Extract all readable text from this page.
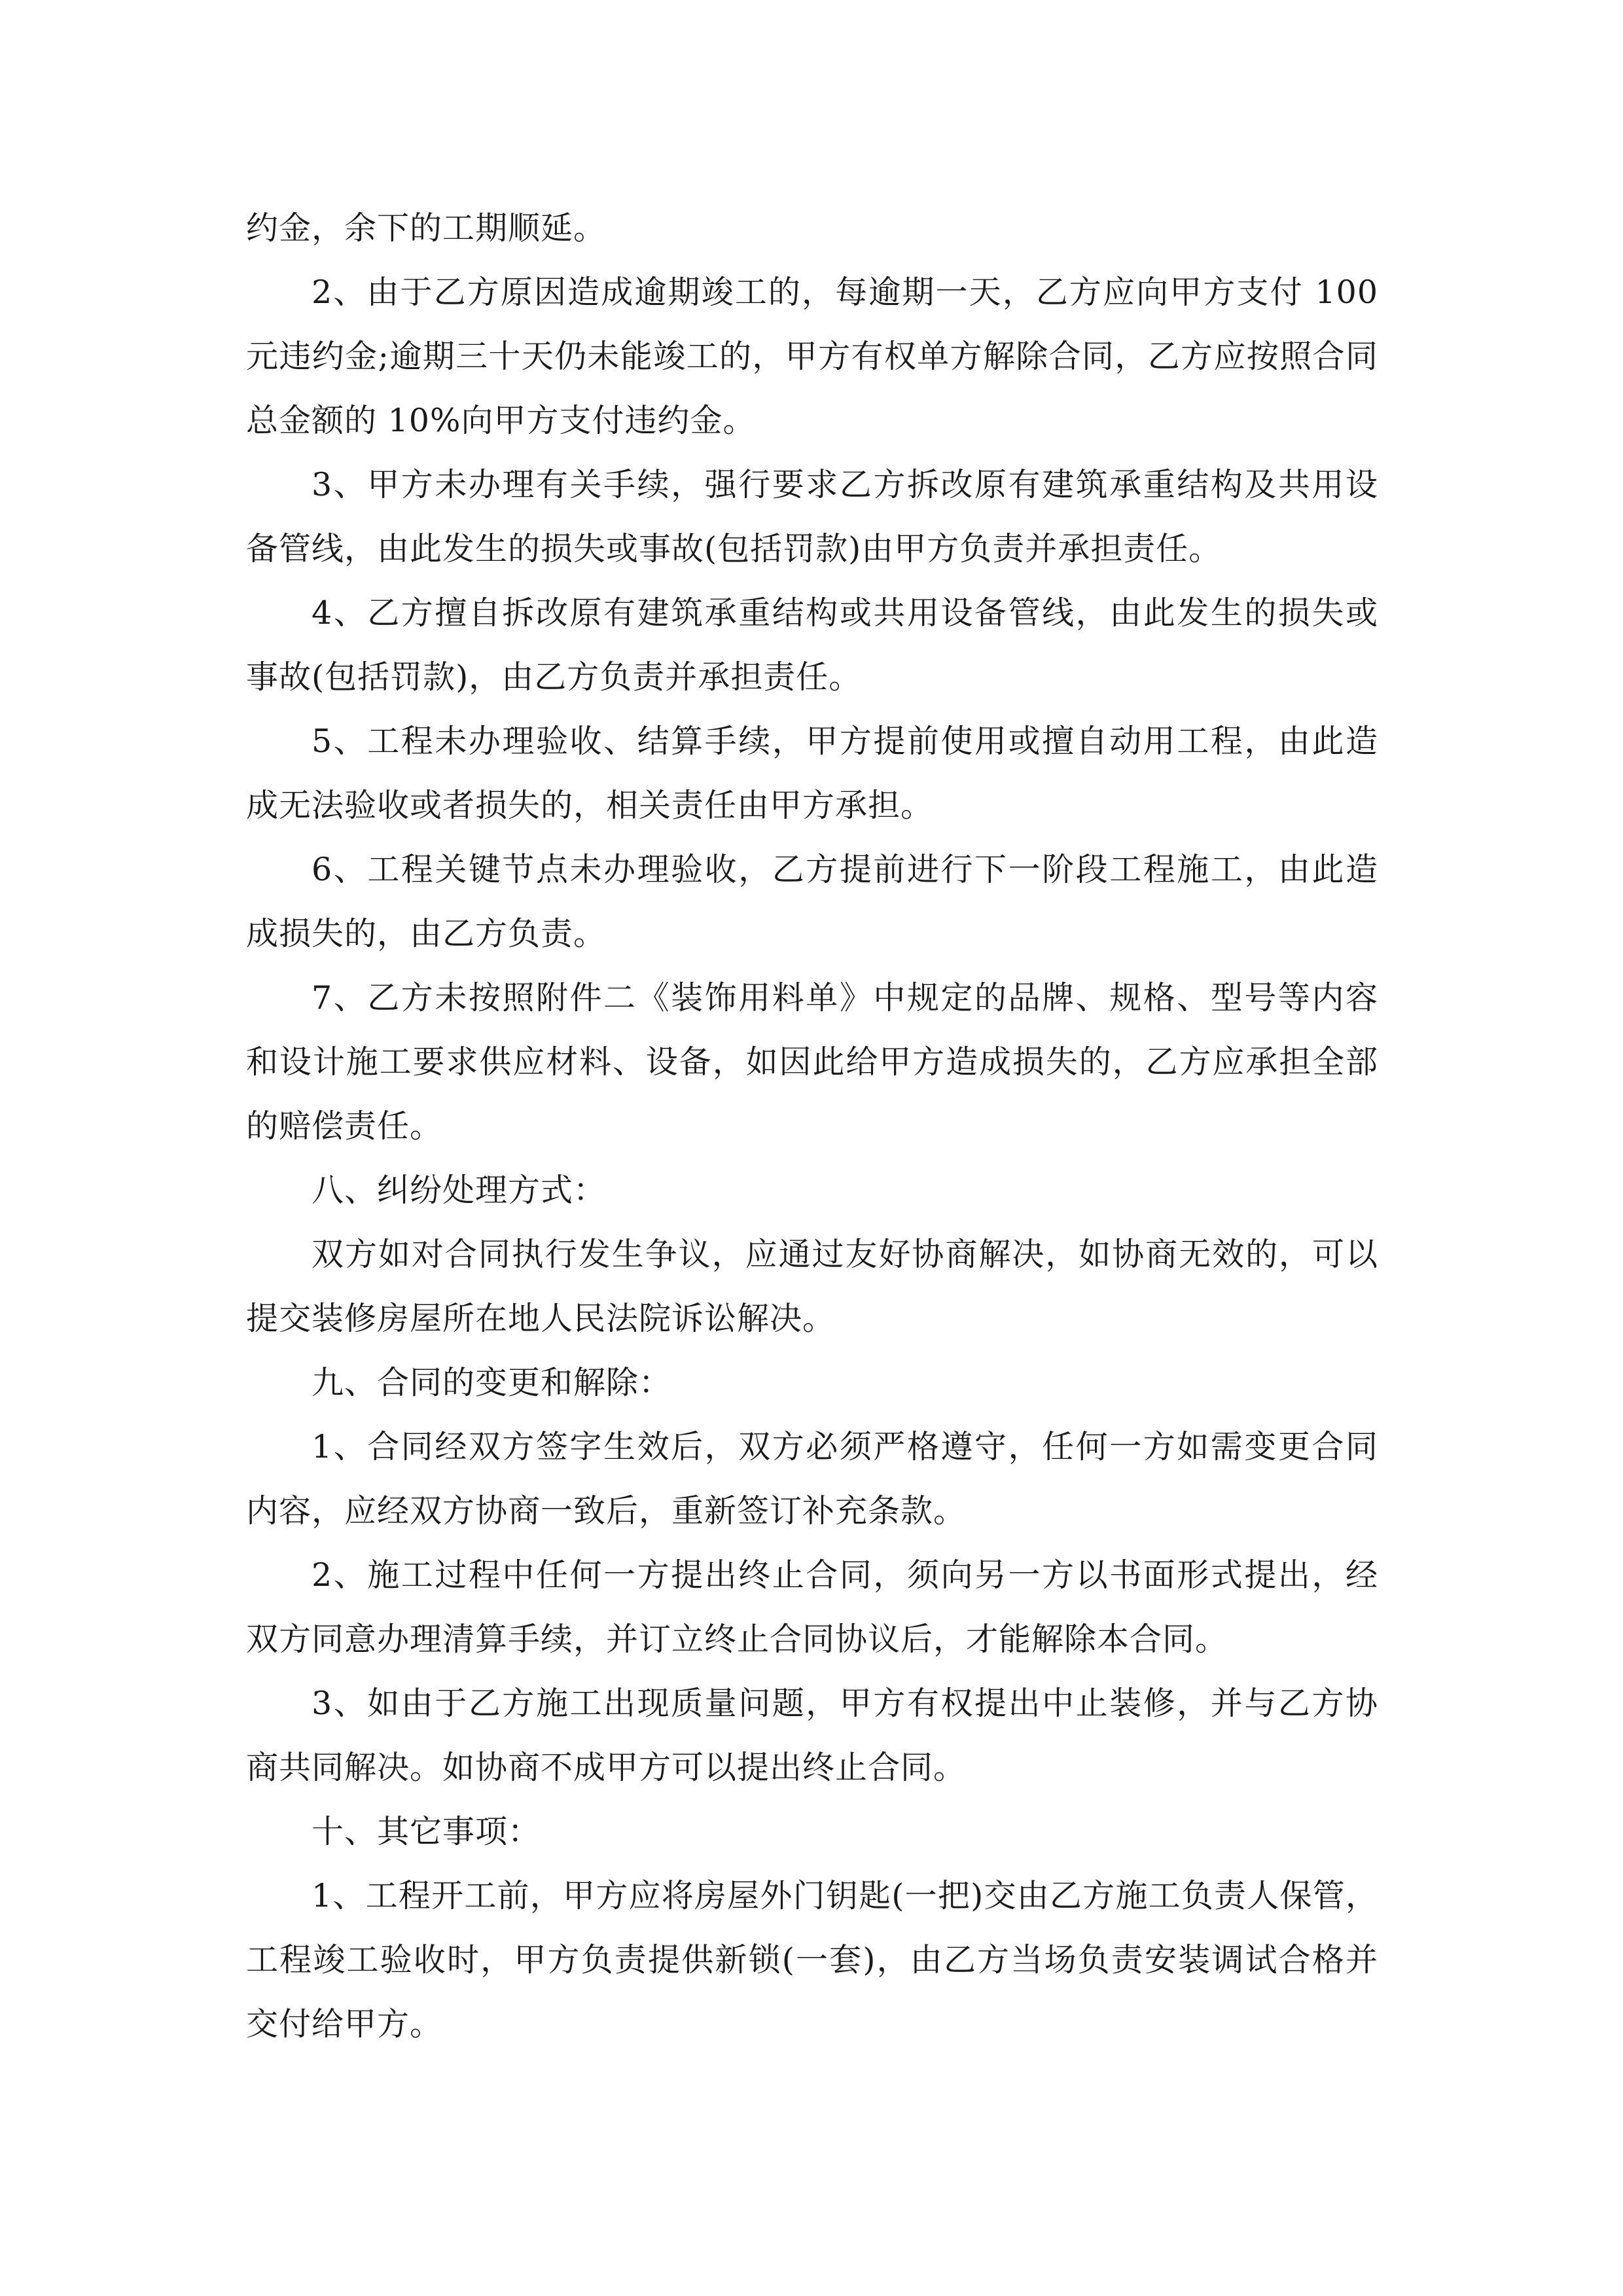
约金，余下的工期顺延。

2、由于乙方原因造成逾期竣工的，每逾期一天，乙方应向甲方支付 100 元违约金;逾期三十天仍未能竣工的，甲方有权单方解除合同，乙方应按照合同总金额的 10%向甲方支付违约金。

3、甲方未办理有关手续，强行要求乙方拆改原有建筑承重结构及共用设备管线，由此发生的损失或事故(包括罚款)由甲方负责并承担责任。

4、乙方擅自拆改原有建筑承重结构或共用设备管线，由此发生的损失或事故(包括罚款)，由乙方负责并承担责任。

5、工程未办理验收、结算手续，甲方提前使用或擅自动用工程，由此造成无法验收或者损失的，相关责任由甲方承担。

6、工程关键节点未办理验收，乙方提前进行下一阶段工程施工，由此造成损失的，由乙方负责。

7、乙方未按照附件二《装饰用料单》中规定的品牌、规格、型号等内容和设计施工要求供应材料、设备，如因此给甲方造成损失的，乙方应承担全部的赔偿责任。

八、纠纷处理方式：

双方如对合同执行发生争议，应通过友好协商解决，如协商无效的，可以提交装修房屋所在地人民法院诉讼解决。

九、合同的变更和解除：

1、合同经双方签字生效后，双方必须严格遵守，任何一方如需变更合同内容，应经双方协商一致后，重新签订补充条款。

2、施工过程中任何一方提出终止合同，须向另一方以书面形式提出，经双方同意办理清算手续，并订立终止合同协议后，才能解除本合同。

3、如由于乙方施工出现质量问题，甲方有权提出中止装修，并与乙方协商共同解决。如协商不成甲方可以提出终止合同。

十、其它事项：

1、工程开工前，甲方应将房屋外门钥匙(一把)交由乙方施工负责人保管，工程竣工验收时，甲方负责提供新锁(一套)，由乙方当场负责安装调试合格并交付给甲方。
